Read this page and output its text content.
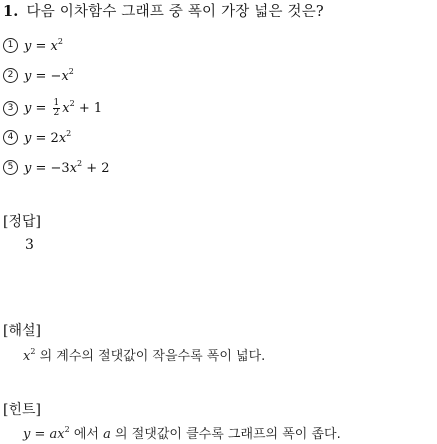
1. 다음 이차함수 그래프 중 폭이 가장 넓은 것은?
1 $y = x^2$
2 $y = -x^2$
3 $y = \frac{1}{2} x^2 + 1$
4 $y = 2x^2$
5 $y = -3x^2 + 2$
[정답]
3
[해설]
$x^2$ 의 계수의 절댓값이 작을수록 폭이 넓다.
[힌트]
$y = ax^2$ 에서 a 의 절댓값이 클수록 그래프의 폭이 좁다.
